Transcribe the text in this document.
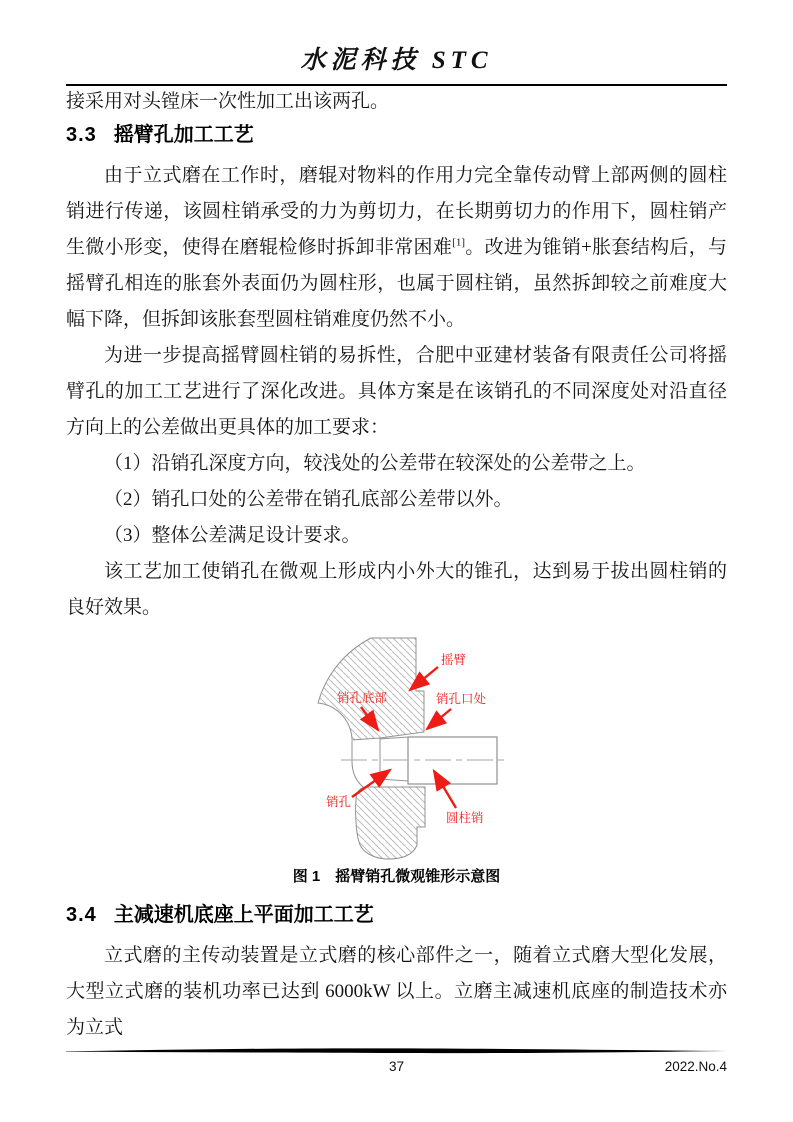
水泥科技 STC

接采用对头镗床一次性加工出该两孔。

3.3 摇臂孔加工工艺

由于立式磨在工作时，磨辊对物料的作用力完全靠传动臂上部两侧的圆柱销进行传递，该圆柱销承受的力为剪切力，在长期剪切力的作用下，圆柱销产生微小形变，使得在磨辊检修时拆卸非常困难[1]。改进为锥销+胀套结构后，与摇臂孔相连的胀套外表面仍为圆柱形，也属于圆柱销，虽然拆卸较之前难度大幅下降，但拆卸该胀套型圆柱销难度仍然不小。

为进一步提高摇臂圆柱销的易拆性，合肥中亚建材装备有限责任公司将摇臂孔的加工工艺进行了深化改进。具体方案是在该销孔的不同深度处对沿直径方向上的公差做出更具体的加工要求：

（1）沿销孔深度方向，较浅处的公差带在较深处的公差带之上。

（2）销孔口处的公差带在销孔底部公差带以外。

（3）整体公差满足设计要求。

该工艺加工使销孔在微观上形成内小外大的锥孔，达到易于拔出圆柱销的良好效果。

摇臂
销孔口处
销孔底部
销孔
圆柱销
图 1　摇臂销孔微观锥形示意图
3.4 主减速机底座上平面加工工艺

立式磨的主传动装置是立式磨的核心部件之一，随着立式磨大型化发展，大型立式磨的装机功率已达到 6000kW 以上。立磨主减速机底座的制造技术亦为立式

37	2022.No.4
